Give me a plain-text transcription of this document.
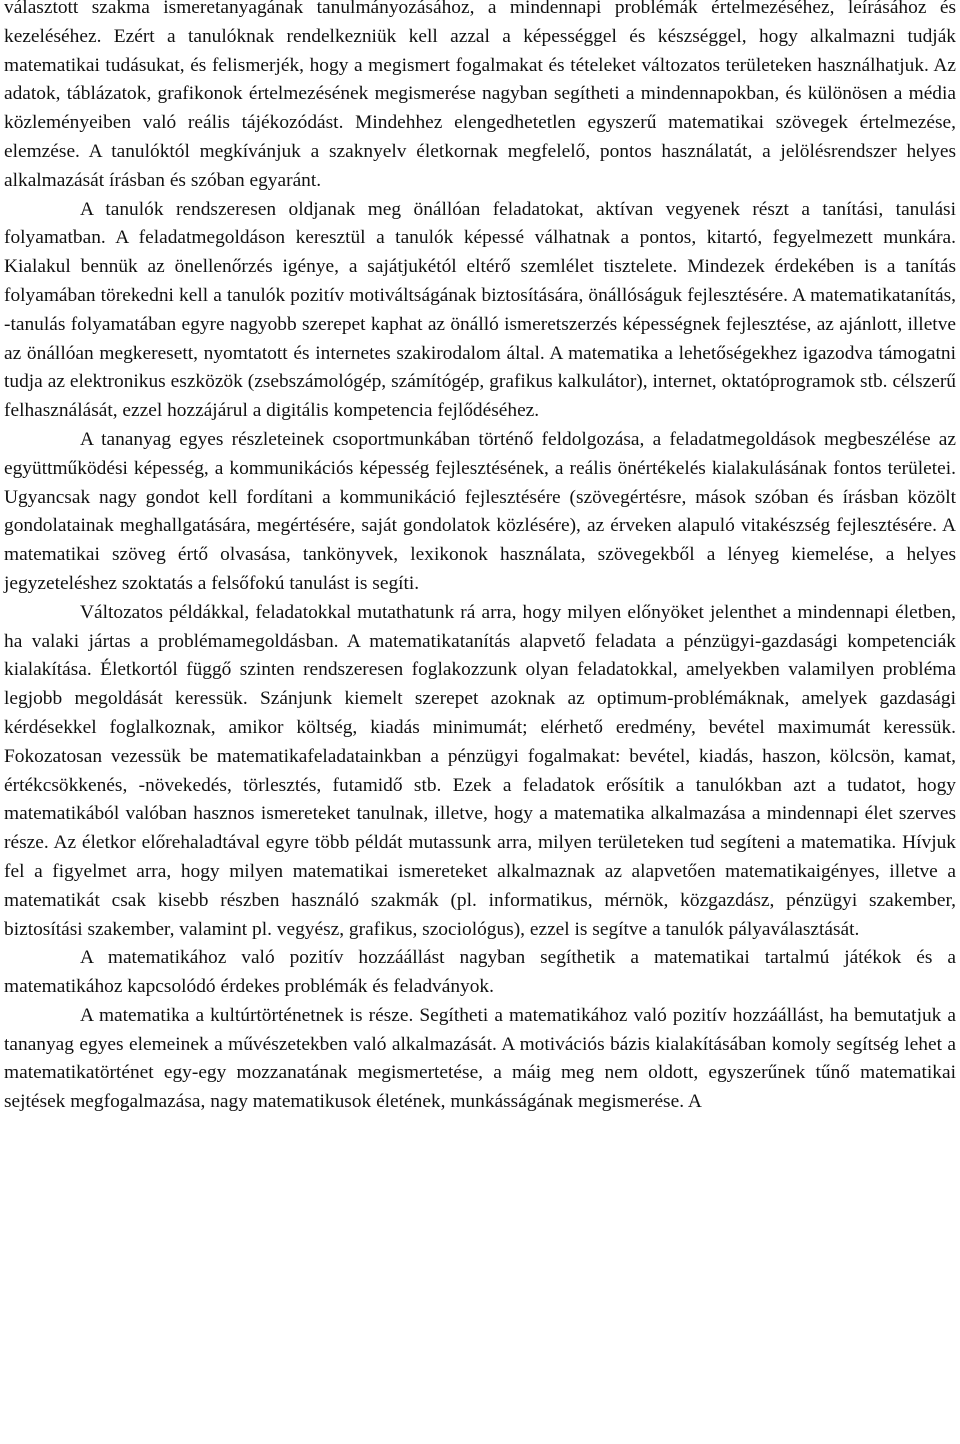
választott szakma ismeretanyagának tanulmányozásához, a mindennapi problémák értelmezéséhez, leírásához és kezeléséhez. Ezért a tanulóknak rendelkezniük kell azzal a képességgel és készséggel, hogy alkalmazni tudják matematikai tudásukat, és felismerjék, hogy a megismert fogalmakat és tételeket változatos területeken használhatjuk. Az adatok, táblázatok, grafikonok értelmezésének megismerése nagyban segítheti a mindennapokban, és különösen a média közleményeiben való reális tájékozódást. Mindehhez elengedhetetlen egyszerű matematikai szövegek értelmezése, elemzése. A tanulóktól megkívánjuk a szaknyelv életkornak megfelelő, pontos használatát, a jelölésrendszer helyes alkalmazását írásban és szóban egyaránt.

A tanulók rendszeresen oldjanak meg önállóan feladatokat, aktívan vegyenek részt a tanítási, tanulási folyamatban. A feladatmegoldáson keresztül a tanulók képessé válhatnak a pontos, kitartó, fegyelmezett munkára. Kialakul bennük az önellenőrzés igénye, a sajátjukétól eltérő szemlélet tisztelete. Mindezek érdekében is a tanítás folyamában törekedni kell a tanulók pozitív motiváltságának biztosítására, önállóságuk fejlesztésére. A matematikatanítás, -tanulás folyamatában egyre nagyobb szerepet kaphat az önálló ismeretszerzés képességnek fejlesztése, az ajánlott, illetve az önállóan megkeresett, nyomtatott és internetes szakirodalom által. A matematika a lehetőségekhez igazodva támogatni tudja az elektronikus eszközök (zsebszámológép, számítógép, grafikus kalkulátor), internet, oktatóprogramok stb. célszerű felhasználását, ezzel hozzájárul a digitális kompetencia fejlődéséhez.

A tananyag egyes részleteinek csoportmunkában történő feldolgozása, a feladatmegoldások megbeszélése az együttműködési képesség, a kommunikációs képesség fejlesztésének, a reális önértékelés kialakulásának fontos területei. Ugyancsak nagy gondot kell fordítani a kommunikáció fejlesztésére (szövegértésre, mások szóban és írásban közölt gondolatainak meghallgatására, megértésére, saját gondolatok közlésére), az érveken alapuló vitakészség fejlesztésére. A matematikai szöveg értő olvasása, tankönyvek, lexikonok használata, szövegekből a lényeg kiemelése, a helyes jegyzeteléshez szoktatás a felsőfokú tanulást is segíti.

Változatos példákkal, feladatokkal mutathatunk rá arra, hogy milyen előnyöket jelenthet a mindennapi életben, ha valaki jártas a problémamegoldásban. A matematikatanítás alapvető feladata a pénzügyi-gazdasági kompetenciák kialakítása. Életkortól függő szinten rendszeresen foglakozzunk olyan feladatokkal, amelyekben valamilyen probléma legjobb megoldását keressük. Szánjunk kiemelt szerepet azoknak az optimum-problémáknak, amelyek gazdasági kérdésekkel foglalkoznak, amikor költség, kiadás minimumát; elérhető eredmény, bevétel maximumát keressük. Fokozatosan vezessük be matematikafeladatainkban a pénzügyi fogalmakat: bevétel, kiadás, haszon, kölcsön, kamat, értékcsökkenés, -növekedés, törlesztés, futamidő stb. Ezek a feladatok erősítik a tanulókban azt a tudatot, hogy matematikából valóban hasznos ismereteket tanulnak, illetve, hogy a matematika alkalmazása a mindennapi élet szerves része. Az életkor előrehaladtával egyre több példát mutassunk arra, milyen területeken tud segíteni a matematika. Hívjuk fel a figyelmet arra, hogy milyen matematikai ismereteket alkalmaznak az alapvetően matematikaigényes, illetve a matematikát csak kisebb részben használó szakmák (pl. informatikus, mérnök, közgazdász, pénzügyi szakember, biztosítási szakember, valamint pl. vegyész, grafikus, szociológus), ezzel is segítve a tanulók pályaválasztását.

A matematikához való pozitív hozzáállást nagyban segíthetik a matematikai tartalmú játékok és a matematikához kapcsolódó érdekes problémák és feladványok.

A matematika a kultúrtörténetnek is része. Segítheti a matematikához való pozitív hozzáállást, ha bemutatjuk a tananyag egyes elemeinek a művészetekben való alkalmazását. A motivációs bázis kialakításában komoly segítség lehet a matematikatörténet egy-egy mozzanatának megismertetése, a máig meg nem oldott, egyszerűnek tűnő matematikai sejtések megfogalmazása, nagy matematikusok életének, munkásságának megismerése. A
